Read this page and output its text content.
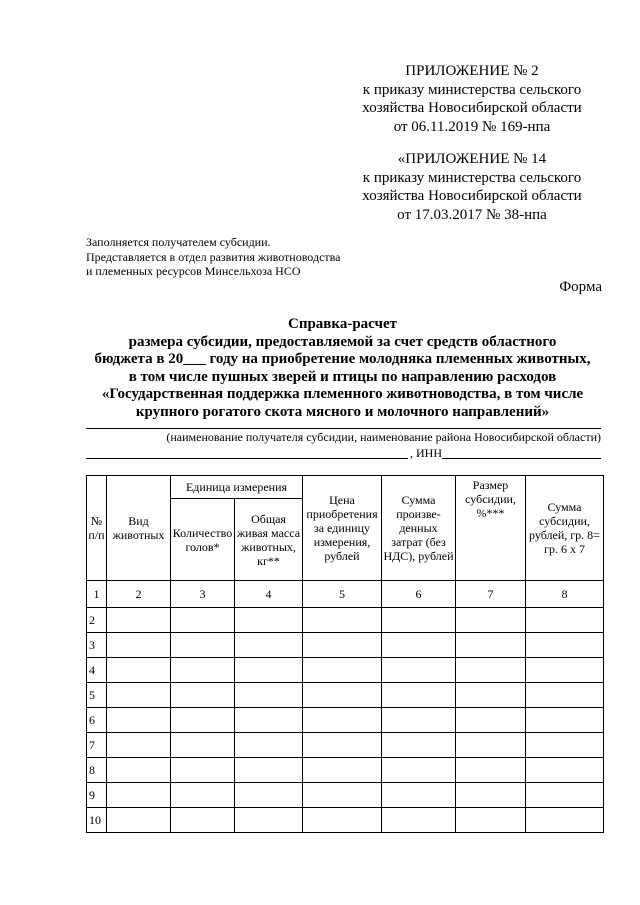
ПРИЛОЖЕНИЕ № 2
к приказу министерства сельского
хозяйства Новосибирской области
от 06.11.2019 № 169-нпа
«ПРИЛОЖЕНИЕ № 14
к приказу министерства сельского
хозяйства Новосибирской области
от 17.03.2017 № 38-нпа
Заполняется получателем субсидии.
Представляется в отдел развития животноводства
и племенных ресурсов Минсельхоза НСО
Форма
Справка-расчет
размера субсидии, предоставляемой за счет средств областного
бюджета в 20___ году на приобретение молодняка племенных животных,
в том числе пушных зверей и птицы по направлению расходов
«Государственная поддержка племенного животноводства, в том числе
крупного рогатого скота мясного и молочного направлений»
(наименование получателя субсидии, наименование района Новосибирской области)
, ИНН
№ п/п	Вид животных	Единица измерения		Цена приобретения за единицу измерения, рублей	Сумма произве-денных затрат (без НДС), рублей	Размер субсидии, %***	Сумма субсидии, рублей, гр. 8= гр. 6 х 7
		Количество голов*	Общая живая масса животных, кг**				
1	2	3	4	5	6	7	8
2							
3							
4							
5							
6							
7							
8							
9							
10							
